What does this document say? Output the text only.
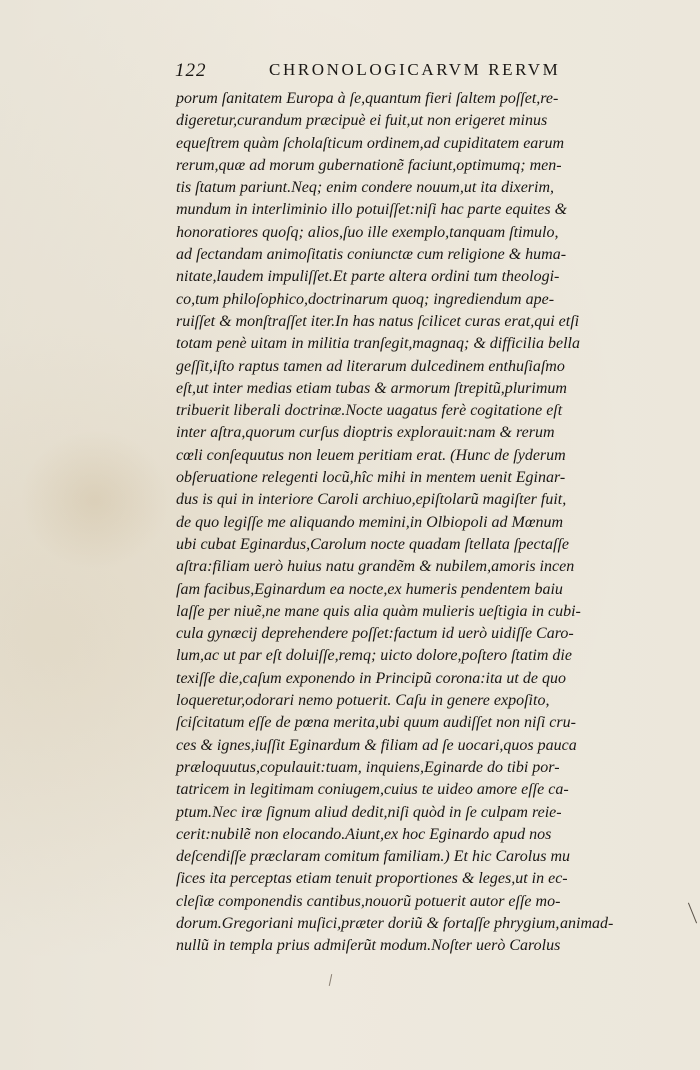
122	CHRONOLOGICARVM RERVM
porum ſanitatem Europa à ſe,quantum fieri ſaltem poſſet,re-
digeretur,curandum præcipuè ei fuit,ut non erigeret minus
equeſtrem quàm ſcholaſticum ordinem,ad cupiditatem earum
rerum,quæ ad morum gubernationẽ faciunt,optimumq; men-
tis ſtatum pariunt.Neq; enim condere nouum,ut ita dixerim,
mundum in interliminio illo potuiſſet:niſi hac parte equites &
honoratiores quoſq; alios,ſuo ille exemplo,tanquam ſtimulo,
ad ſectandam animoſitatis coniunctæ cum religione & huma-
nitate,laudem impuliſſet.Et parte altera ordini tum theologi-
co,tum philoſophico,doctrinarum quoq; ingrediendum ape-
ruiſſet & monſtraſſet iter.In has natus ſcilicet curas erat,qui etſi
totam penè uitam in militia tranſegit,magnaq; & difficilia bella
geſſit,iſto raptus tamen ad literarum dulcedinem enthuſiaſmo
eſt,ut inter medias etiam tubas & armorum ſtrepitũ,plurimum
tribuerit liberali doctrinæ.Nocte uagatus ferè cogitatione eſt
inter aſtra,quorum curſus dioptris explorauit:nam & rerum
cœli conſequutus non leuem peritiam erat. (Hunc de ſyderum
obſeruatione relegenti locũ,hîc mihi in mentem uenit Eginar-
dus is qui in interiore Caroli archiuo,epiſtolarũ magiſter fuit,
de quo legiſſe me aliquando memini,in Olbiopoli ad Mœnum
ubi cubat Eginardus,Carolum nocte quadam ſtellata ſpectaſſe
aſtra:filiam uerò huius natu grandẽm & nubilem,amoris incen
ſam facibus,Eginardum ea nocte,ex humeris pendentem baiu
laſſe per niuẽ,ne mane quis alia quàm mulieris ueſtigia in cubi-
cula gynæcij deprehendere poſſet:factum id uerò uidiſſe Caro-
lum,ac ut par eſt doluiſſe,remq; uicto dolore,poſtero ſtatim die
texiſſe die,caſum exponendo in Principũ corona:ita ut de quo
loqueretur,odorari nemo potuerit. Caſu in genere expoſito,
ſciſcitatum eſſe de pœna merita,ubi quum audiſſet non niſi cru-
ces & ignes,iuſſit Eginardum & filiam ad ſe uocari,quos pauca
præloquutus,copulauit:tuam, inquiens,Eginarde do tibi por-
tatricem in legitimam coniugem,cuius te uideo amore eſſe ca-
ptum.Nec iræ ſignum aliud dedit,niſi quòd in ſe culpam reie-
cerit:nubilẽ non elocando.Aiunt,ex hoc Eginardo apud nos
deſcendiſſe præclaram comitum familiam.) Et hic Carolus mu
ſices ita perceptas etiam tenuit proportiones & leges,ut in ec-
cleſiæ componendis cantibus,nouorũ potuerit autor eſſe mo-
dorum.Gregoriani muſici,præter doriũ & fortaſſe phrygium,
nullũ in templa prius admiſerũt modum.Noſter uerò Carolus
animad-
